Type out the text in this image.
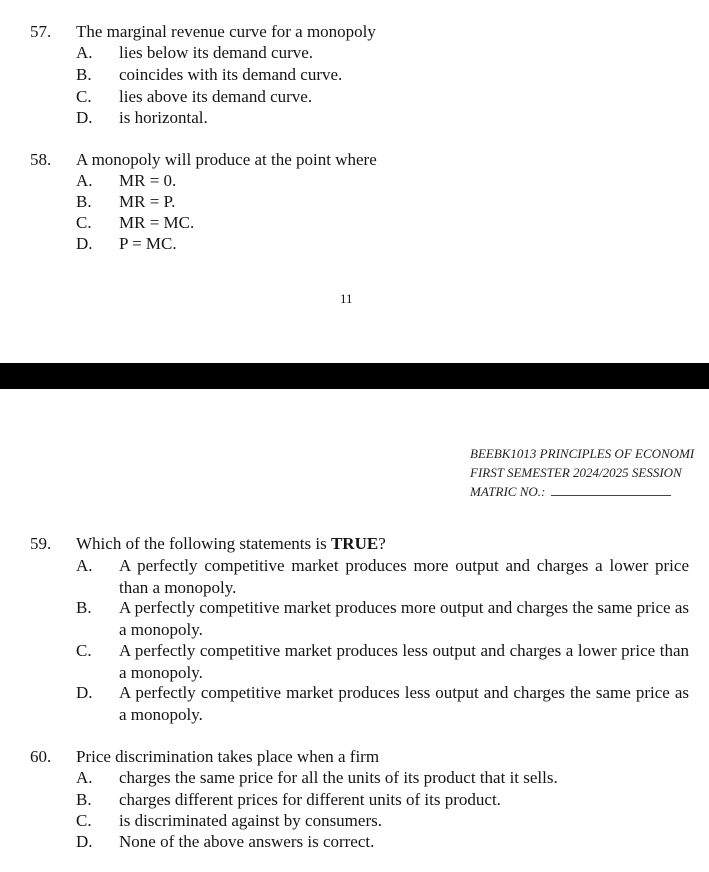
57. The marginal revenue curve for a monopoly
A. lies below its demand curve.
B. coincides with its demand curve.
C. lies above its demand curve.
D. is horizontal.
58. A monopoly will produce at the point where
A. MR = 0.
B. MR = P.
C. MR = MC.
D. P = MC.
11
BEEBK1013 PRINCIPLES OF ECONOMI
FIRST SEMESTER 2024/2025 SESSION
MATRIC NO.:
59. Which of the following statements is TRUE?
A. A perfectly competitive market produces more output and charges a lower price than a monopoly.
B. A perfectly competitive market produces more output and charges the same price as a monopoly.
C. A perfectly competitive market produces less output and charges a lower price than a monopoly.
D. A perfectly competitive market produces less output and charges the same price as a monopoly.
60. Price discrimination takes place when a firm
A. charges the same price for all the units of its product that it sells.
B. charges different prices for different units of its product.
C. is discriminated against by consumers.
D. None of the above answers is correct.
